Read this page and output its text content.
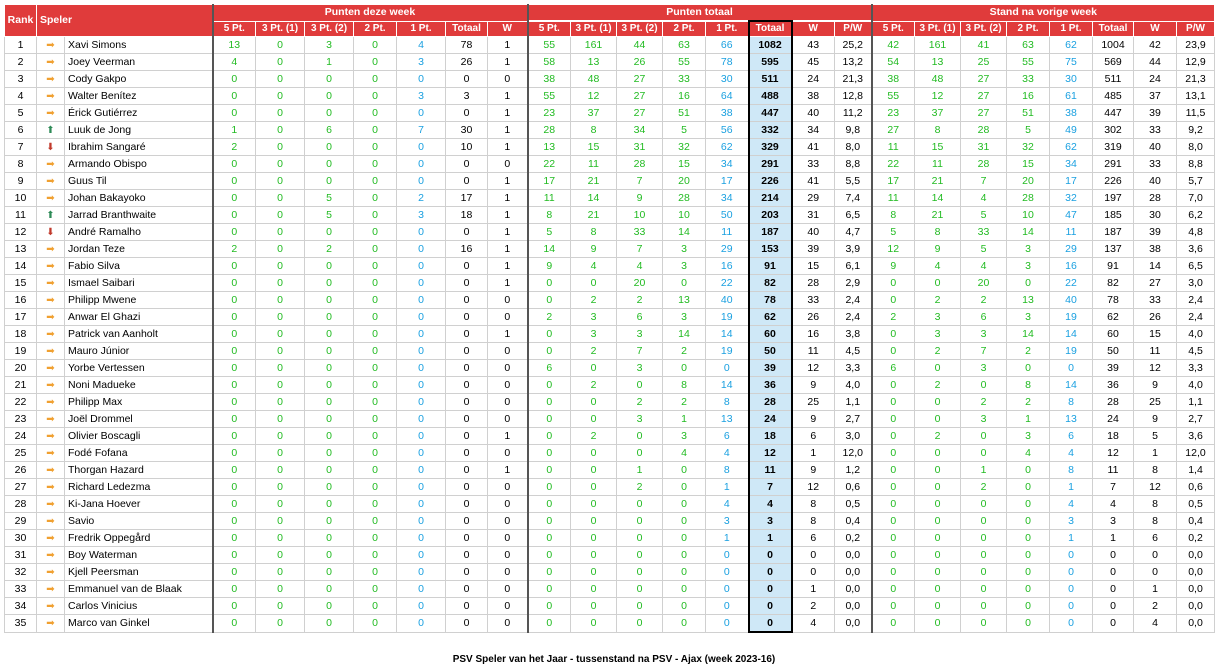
Rank	Speler		Punten deze week							Punten totaal								Stand na vorige week							
			5 Pt.	3 Pt. (1)	3 Pt. (2)	2 Pt.	1 Pt.	Totaal	W	5 Pt.	3 Pt. (1)	3 Pt. (2)	2 Pt.	1 Pt.	Totaal	W	P/W	5 Pt.	3 Pt. (1)	3 Pt. (2)	2 Pt.	1 Pt.	Totaal	W	P/W
1	➡	Xavi Simons	13	0	3	0	4	78	1	55	161	44	63	66	1082	43	25,2	42	161	41	63	62	1004	42	23,9
2	➡	Joey Veerman	4	0	1	0	3	26	1	58	13	26	55	78	595	45	13,2	54	13	25	55	75	569	44	12,9
3	➡	Cody Gakpo	0	0	0	0	0	0	0	38	48	27	33	30	511	24	21,3	38	48	27	33	30	511	24	21,3
4	➡	Walter Benítez	0	0	0	0	3	3	1	55	12	27	16	64	488	38	12,8	55	12	27	16	61	485	37	13,1
5	➡	Érick Gutiérrez	0	0	0	0	0	0	1	23	37	27	51	38	447	40	11,2	23	37	27	51	38	447	39	11,5
6	⬆	Luuk de Jong	1	0	6	0	7	30	1	28	8	34	5	56	332	34	9,8	27	8	28	5	49	302	33	9,2
7	⬇	Ibrahim Sangaré	2	0	0	0	0	10	1	13	15	31	32	62	329	41	8,0	11	15	31	32	62	319	40	8,0
8	➡	Armando Obispo	0	0	0	0	0	0	0	22	11	28	15	34	291	33	8,8	22	11	28	15	34	291	33	8,8
9	➡	Guus Til	0	0	0	0	0	0	1	17	21	7	20	17	226	41	5,5	17	21	7	20	17	226	40	5,7
10	➡	Johan Bakayoko	0	0	5	0	2	17	1	11	14	9	28	34	214	29	7,4	11	14	4	28	32	197	28	7,0
11	⬆	Jarrad Branthwaite	0	0	5	0	3	18	1	8	21	10	10	50	203	31	6,5	8	21	5	10	47	185	30	6,2
12	⬇	André Ramalho	0	0	0	0	0	0	1	5	8	33	14	11	187	40	4,7	5	8	33	14	11	187	39	4,8
13	➡	Jordan Teze	2	0	2	0	0	16	1	14	9	7	3	29	153	39	3,9	12	9	5	3	29	137	38	3,6
14	➡	Fabio Silva	0	0	0	0	0	0	1	9	4	4	3	16	91	15	6,1	9	4	4	3	16	91	14	6,5
15	➡	Ismael Saibari	0	0	0	0	0	0	1	0	0	20	0	22	82	28	2,9	0	0	20	0	22	82	27	3,0
16	➡	Philipp Mwene	0	0	0	0	0	0	0	0	2	2	13	40	78	33	2,4	0	2	2	13	40	78	33	2,4
17	➡	Anwar El Ghazi	0	0	0	0	0	0	0	2	3	6	3	19	62	26	2,4	2	3	6	3	19	62	26	2,4
18	➡	Patrick van Aanholt	0	0	0	0	0	0	1	0	3	3	14	14	60	16	3,8	0	3	3	14	14	60	15	4,0
19	➡	Mauro Júnior	0	0	0	0	0	0	0	0	2	7	2	19	50	11	4,5	0	2	7	2	19	50	11	4,5
20	➡	Yorbe Vertessen	0	0	0	0	0	0	0	6	0	3	0	0	39	12	3,3	6	0	3	0	0	39	12	3,3
21	➡	Noni Madueke	0	0	0	0	0	0	0	0	2	0	8	14	36	9	4,0	0	2	0	8	14	36	9	4,0
22	➡	Philipp Max	0	0	0	0	0	0	0	0	0	2	2	8	28	25	1,1	0	0	2	2	8	28	25	1,1
23	➡	Joël Drommel	0	0	0	0	0	0	0	0	0	3	1	13	24	9	2,7	0	0	3	1	13	24	9	2,7
24	➡	Olivier Boscagli	0	0	0	0	0	0	1	0	2	0	3	6	18	6	3,0	0	2	0	3	6	18	5	3,6
25	➡	Fodé Fofana	0	0	0	0	0	0	0	0	0	0	4	4	12	1	12,0	0	0	0	4	4	12	1	12,0
26	➡	Thorgan Hazard	0	0	0	0	0	0	1	0	0	1	0	8	11	9	1,2	0	0	1	0	8	11	8	1,4
27	➡	Richard Ledezma	0	0	0	0	0	0	0	0	0	2	0	1	7	12	0,6	0	0	2	0	1	7	12	0,6
28	➡	Ki-Jana Hoever	0	0	0	0	0	0	0	0	0	0	0	4	4	8	0,5	0	0	0	0	4	4	8	0,5
29	➡	Savio	0	0	0	0	0	0	0	0	0	0	0	3	3	8	0,4	0	0	0	0	3	3	8	0,4
30	➡	Fredrik Oppegård	0	0	0	0	0	0	0	0	0	0	0	1	1	6	0,2	0	0	0	0	1	1	6	0,2
31	➡	Boy Waterman	0	0	0	0	0	0	0	0	0	0	0	0	0	0	0,0	0	0	0	0	0	0	0	0,0
32	➡	Kjell Peersman	0	0	0	0	0	0	0	0	0	0	0	0	0	0	0,0	0	0	0	0	0	0	0	0,0
33	➡	Emmanuel van de Blaak	0	0	0	0	0	0	0	0	0	0	0	0	0	1	0,0	0	0	0	0	0	0	1	0,0
34	➡	Carlos Vinicius	0	0	0	0	0	0	0	0	0	0	0	0	0	2	0,0	0	0	0	0	0	0	2	0,0
35	➡	Marco van Ginkel	0	0	0	0	0	0	0	0	0	0	0	0	0	4	0,0	0	0	0	0	0	0	4	0,0
PSV Speler van het Jaar - tussenstand na PSV - Ajax (week 2023-16)
